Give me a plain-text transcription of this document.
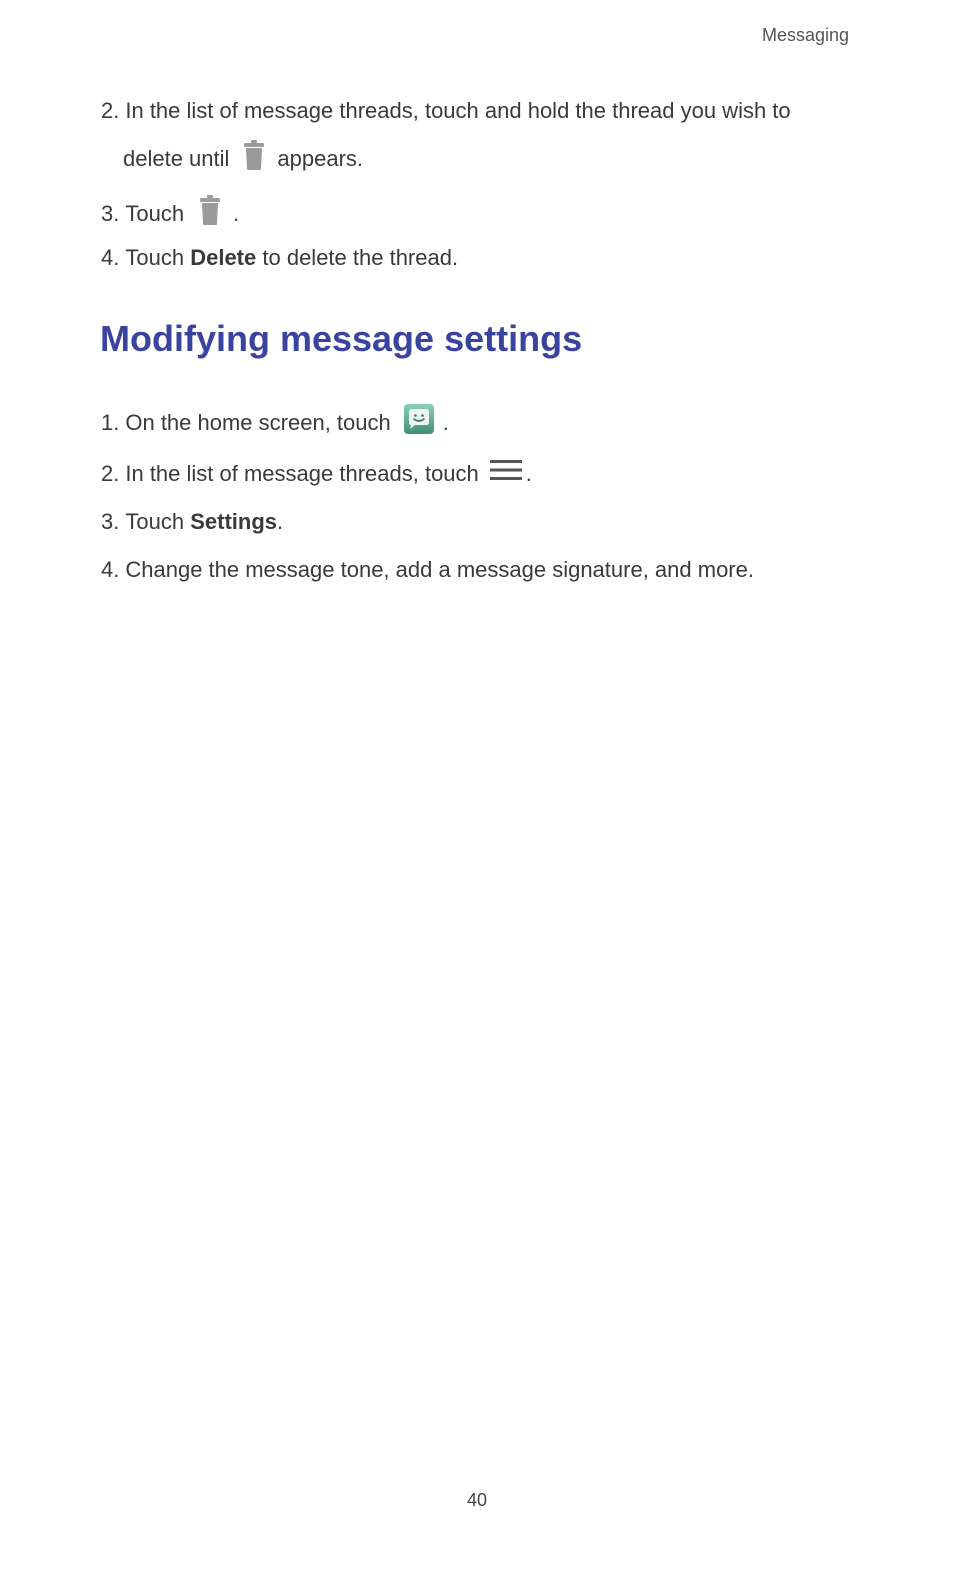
Messaging
2. In the list of message threads, touch and hold the thread you wish to
delete until appears.
3. Touch .
4. Touch
Delete
to delete the thread.
Modifying message settings
1. On the home screen, touch .
2. In the list of message threads, touch .
3. Touch
Settings .
4. Change the message tone, add a message signature, and more.
40
